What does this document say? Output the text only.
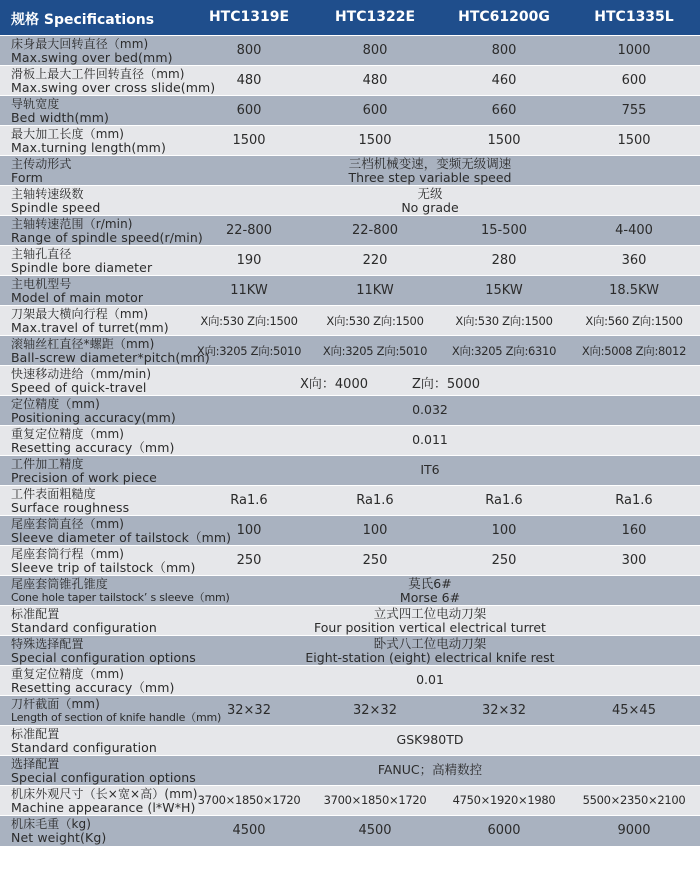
规格 Specifications	HTC1319E	HTC1322E	HTC61200G	HTC1335L
床身最大回转直径（mm)
Max.swing over bed(mm)	800	800	800	1000
滑板上最大工件回转直径（mm)
Max.swing over cross slide(mm)	480	480	460	600
导轨宽度
Bed width(mm)	600	600	660	755
最大加工长度（mm)
Max.turning length(mm)	1500	1500	1500	1500
主传动形式
Form
三档机械变速，变频无级调速
Three step variable speed
主轴转速级数
Spindle speed
无级
No grade
主轴转速范围（r/min)
Range of spindle speed(r/min)	22-800	22-800	15-500	4-400
主轴孔直径
Spindle bore diameter	190	220	280	360
主电机型号
Model of main motor	11KW	11KW	15KW	18.5KW
刀架最大横向行程（mm)
Max.travel of turret(mm)	X向:530 Z向:1500	X向:530 Z向:1500	X向:530 Z向:1500	X向:560 Z向:1500
滚轴丝杠直径*螺距（mm)
Ball-screw diameter*pitch(mm)
X向:3205 Z向:5010	X向:3205 Z向:5010	X向:3205 Z向:6310	X向:5008 Z向:8012
快速移动进给（mm/min)
Speed of quick-travel	X向：4000	Z向：5000
定位精度（mm)
Positioning accuracy(mm)
0.032
重复定位精度（mm)
Resetting accuracy（mm)
0.011
工件加工精度
Precision of work piece
IT6
工件表面粗糙度
Surface roughness	Ra1.6	Ra1.6	Ra1.6	Ra1.6
尾座套筒直径（mm)
Sleeve diameter of tailstock（mm) 100	100	100	160
尾座套筒行程（mm)
Sleeve trip of tailstock（mm)	250	250	250	300
尾座套筒锥孔锥度
Cone hole taper tailstock’ s sleeve（mm)
莫氏6#
Morse 6#
标准配置
Standard configuration
立式四工位电动刀架
Four position vertical electrical turret
特殊选择配置
Special configuration options
卧式八工位电动刀架
Eight-station (eight) electrical knife rest
重复定位精度（mm)
Resetting accuracy（mm)
0.01
刀杆截面（mm)
Length of section of knife handle（mm) 32×32	32×32	32×32	45×45
标准配置
Standard configuration
GSK980TD
选择配置
Special configuration options
FANUC；高精数控
机床外观尺寸（长×宽×高）(mm)
Machine appearance (l*W*H) 3700×1850×1720	3700×1850×1720	4750×1920×1980	5500×2350×2100
机床毛重（kg)
Net weight(Kg)	4500	4500	6000	9000
